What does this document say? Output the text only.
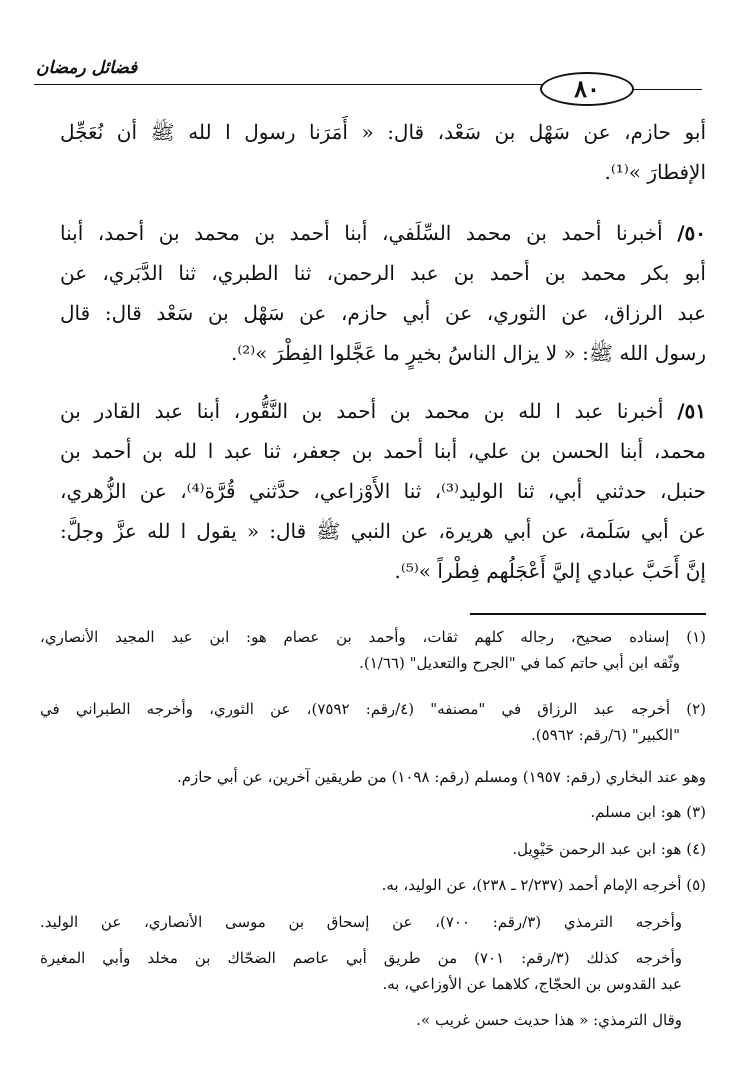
فضائل رمضان
٨٠
أبو حازم، عن سَهْل بن سَعْد، قال: « أَمَرَنا رسول ا لله ﷺ أن نُعَجِّل
الإفطارَ »⁽¹⁾.
٥٠/ أخبرنا أحمد بن محمد السِّلَفي، أبنا أحمد بن محمد بن أحمد، أبنا
أبو بكر محمد بن أحمد بن عبد الرحمن، ثنا الطبري، ثنا الدَّبَري، عن
عبد الرزاق، عن الثوري، عن أبي حازم، عن سَهْل بن سَعْد قال: قال
رسول الله ﷺ: « لا يزال الناسُ بخيرٍ ما عَجَّلوا الفِطْرَ »⁽²⁾.
٥١/ أخبرنا عبد ا لله بن محمد بن أحمد بن النَّقُّور، أبنا عبد القادر بن
محمد، أبنا الحسن بن علي، أبنا أحمد بن جعفر، ثنا عبد ا لله بن أحمد بن
حنبل، حدثني أبي، ثنا الوليد⁽³⁾، ثنا الأَوْزاعي، حدَّثني قُرَّة⁽⁴⁾، عن الزُّهري،
عن أبي سَلَمة، عن أبي هريرة، عن النبي ﷺ قال: « يقول ا لله عزَّ وجلَّ:
إنَّ أَحَبَّ عبادي إليَّ أَعْجَلُهم فِطْراً »⁽⁵⁾.
(١) إسناده صحيح، رجاله كلهم ثقات، وأحمد بن عصام هو: ابن عبد المجيد الأنصاري،
وثّقه ابن أبي حاتم كما في "الجرح والتعديل" (١/٦٦).
(٢) أخرجه عبد الرزاق في "مصنفه" (٤/رقم: ٧٥٩٢)، عن الثوري، وأخرجه الطبراني في
"الكبير" (٦/رقم: ٥٩٦٢).
وهو عند البخاري (رقم: ١٩٥٧) ومسلم (رقم: ١٠٩٨) من طريقين آخرين، عن أبي حازم.
(٣) هو: ابن مسلم.
(٤) هو: ابن عبد الرحمن حَيْوِيل.
(٥) أخرجه الإمام أحمد (٢/٢٣٧ ـ ٢٣٨)، عن الوليد، به.
وأخرجه الترمذي (٣/رقم: ٧٠٠)، عن إسحاق بن موسى الأنصاري، عن الوليد.
وأخرجه كذلك (٣/رقم: ٧٠١) من طريق أبي عاصم الضحّاك بن مخلد وأبي المغيرة
عبد القدوس بن الحجّاج، كلاهما عن الأوزاعي، به.
وقال الترمذي: « هذا حديث حسن غريب ».
